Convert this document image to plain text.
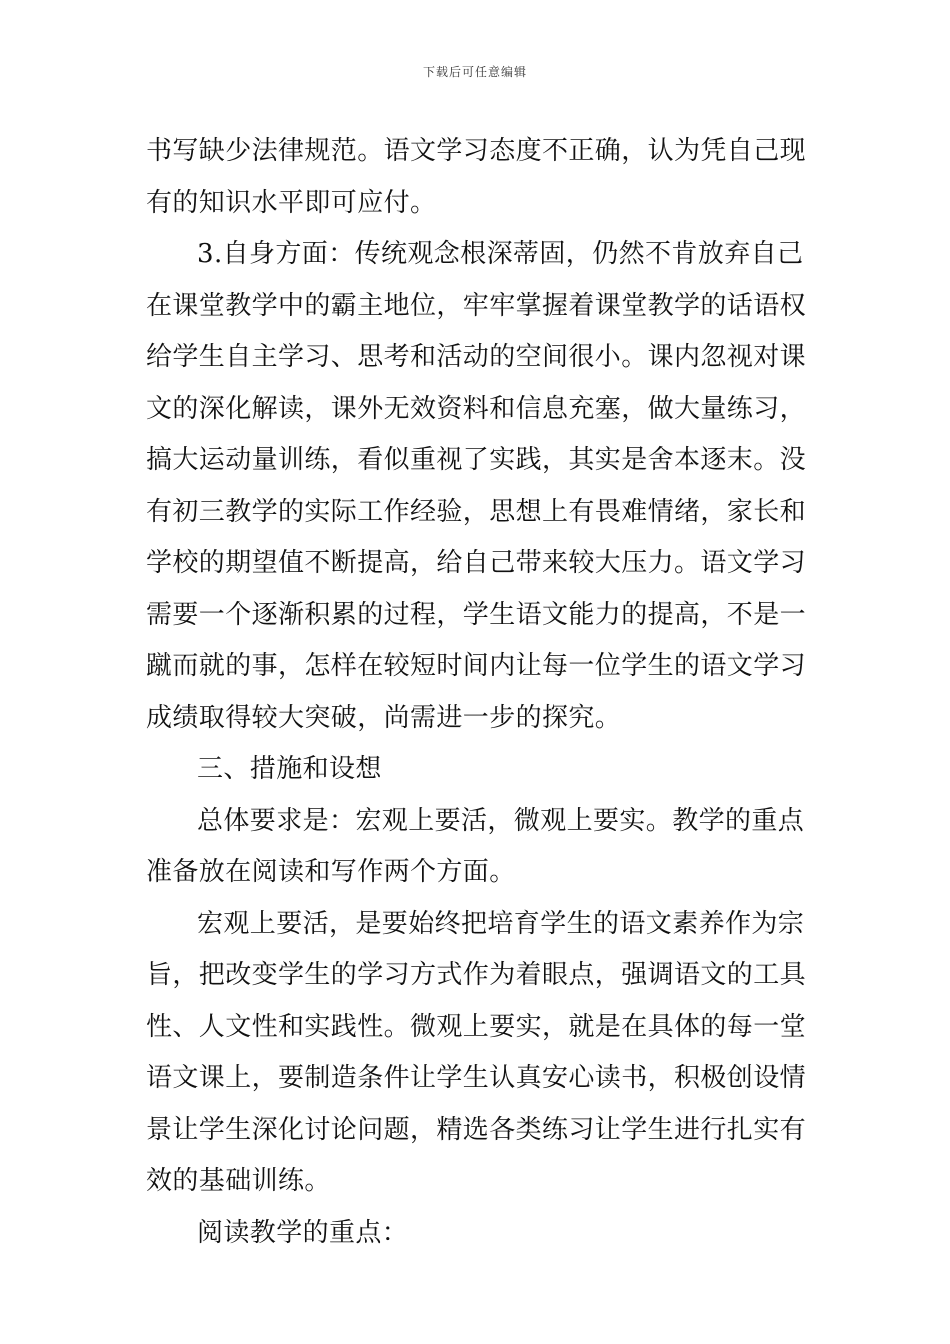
下载后可任意编辑
书写缺少法律规范。语文学习态度不正确，认为凭自己现
有的知识水平即可应付。
3.自身方面：传统观念根深蒂固，仍然不肯放弃自己
在课堂教学中的霸主地位，牢牢掌握着课堂教学的话语权
给学生自主学习、思考和活动的空间很小。课内忽视对课
文的深化解读，课外无效资料和信息充塞，做大量练习，
搞大运动量训练，看似重视了实践，其实是舍本逐末。没
有初三教学的实际工作经验，思想上有畏难情绪，家长和
学校的期望值不断提高，给自己带来较大压力。语文学习
需要一个逐渐积累的过程，学生语文能力的提高，不是一
蹴而就的事，怎样在较短时间内让每一位学生的语文学习
成绩取得较大突破，尚需进一步的探究。
三、措施和设想
总体要求是：宏观上要活，微观上要实。教学的重点
准备放在阅读和写作两个方面。
宏观上要活，是要始终把培育学生的语文素养作为宗
旨，把改变学生的学习方式作为着眼点，强调语文的工具
性、人文性和实践性。微观上要实，就是在具体的每一堂
语文课上，要制造条件让学生认真安心读书，积极创设情
景让学生深化讨论问题，精选各类练习让学生进行扎实有
效的基础训练。
阅读教学的重点：
